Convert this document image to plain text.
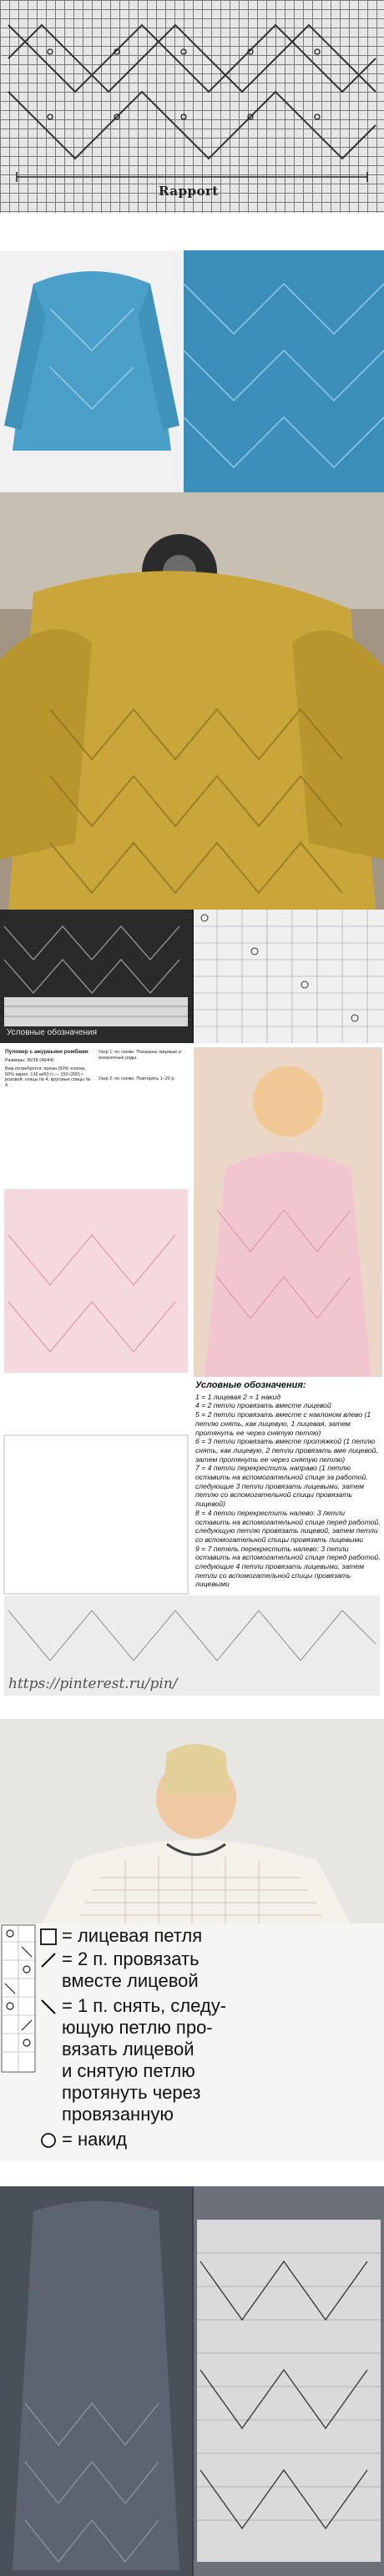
Rapport
Условные обозначения
Пуловер с ажурными ромбами
Размеры: 36/38 (40/44)
Вам потребуется: пряжа (50% хлопок, 50% акрил, 130 м/50 г) — 150 (200) г розовой; спицы № 4; круговые спицы № 4.
Узор 1: по схеме. Показаны лицевые и изнаночные ряды.
Узор 2: по схеме. Повторять 1–20 р.
Условные обозначения:
1 = 1 лицевая 2 = 1 накид
4 = 2 петли провязать вместе лицевой
5 = 2 петли провязать вместе с наклоном влево (1 петлю снять, как лицевую, 1 лицевая, затем протянуть ее через снятую петлю)
6 = 3 петли провязать вместе протяжкой (1 петлю снять, как лицевую, 2 петли провязать вме лицевой, затем протянуть ее через снятую петлю)
7 = 4 петли перекрестить направо (1 петлю оставить на вспомогательной спице за работой, следующие 3 петли провязать лицевыми, затем петлю со вспомогательной спицы провязать лицевой)
8 = 4 петли перекрестить налево: 3 петли оставить на вспомогательной спице перед работой, следующую петлю провязать лицевой, затем петли со вспомогательной спицы провязать лицевыми
9 = 7 петель перекрестить налево: 3 петли оставить на вспомогательной спице перед работой, следующие 4 петли провязать лицевыми, затем петли со вспомогательной спицы провязать лицевыми
https://pinterest.ru/pin/
= лицевая петля
= 2 п. провязать
вместе лицевой
= 1 п. снять, следу-
ющую петлю про-
вязать лицевой
и снятую петлю
протянуть через
провязанную
= накид
